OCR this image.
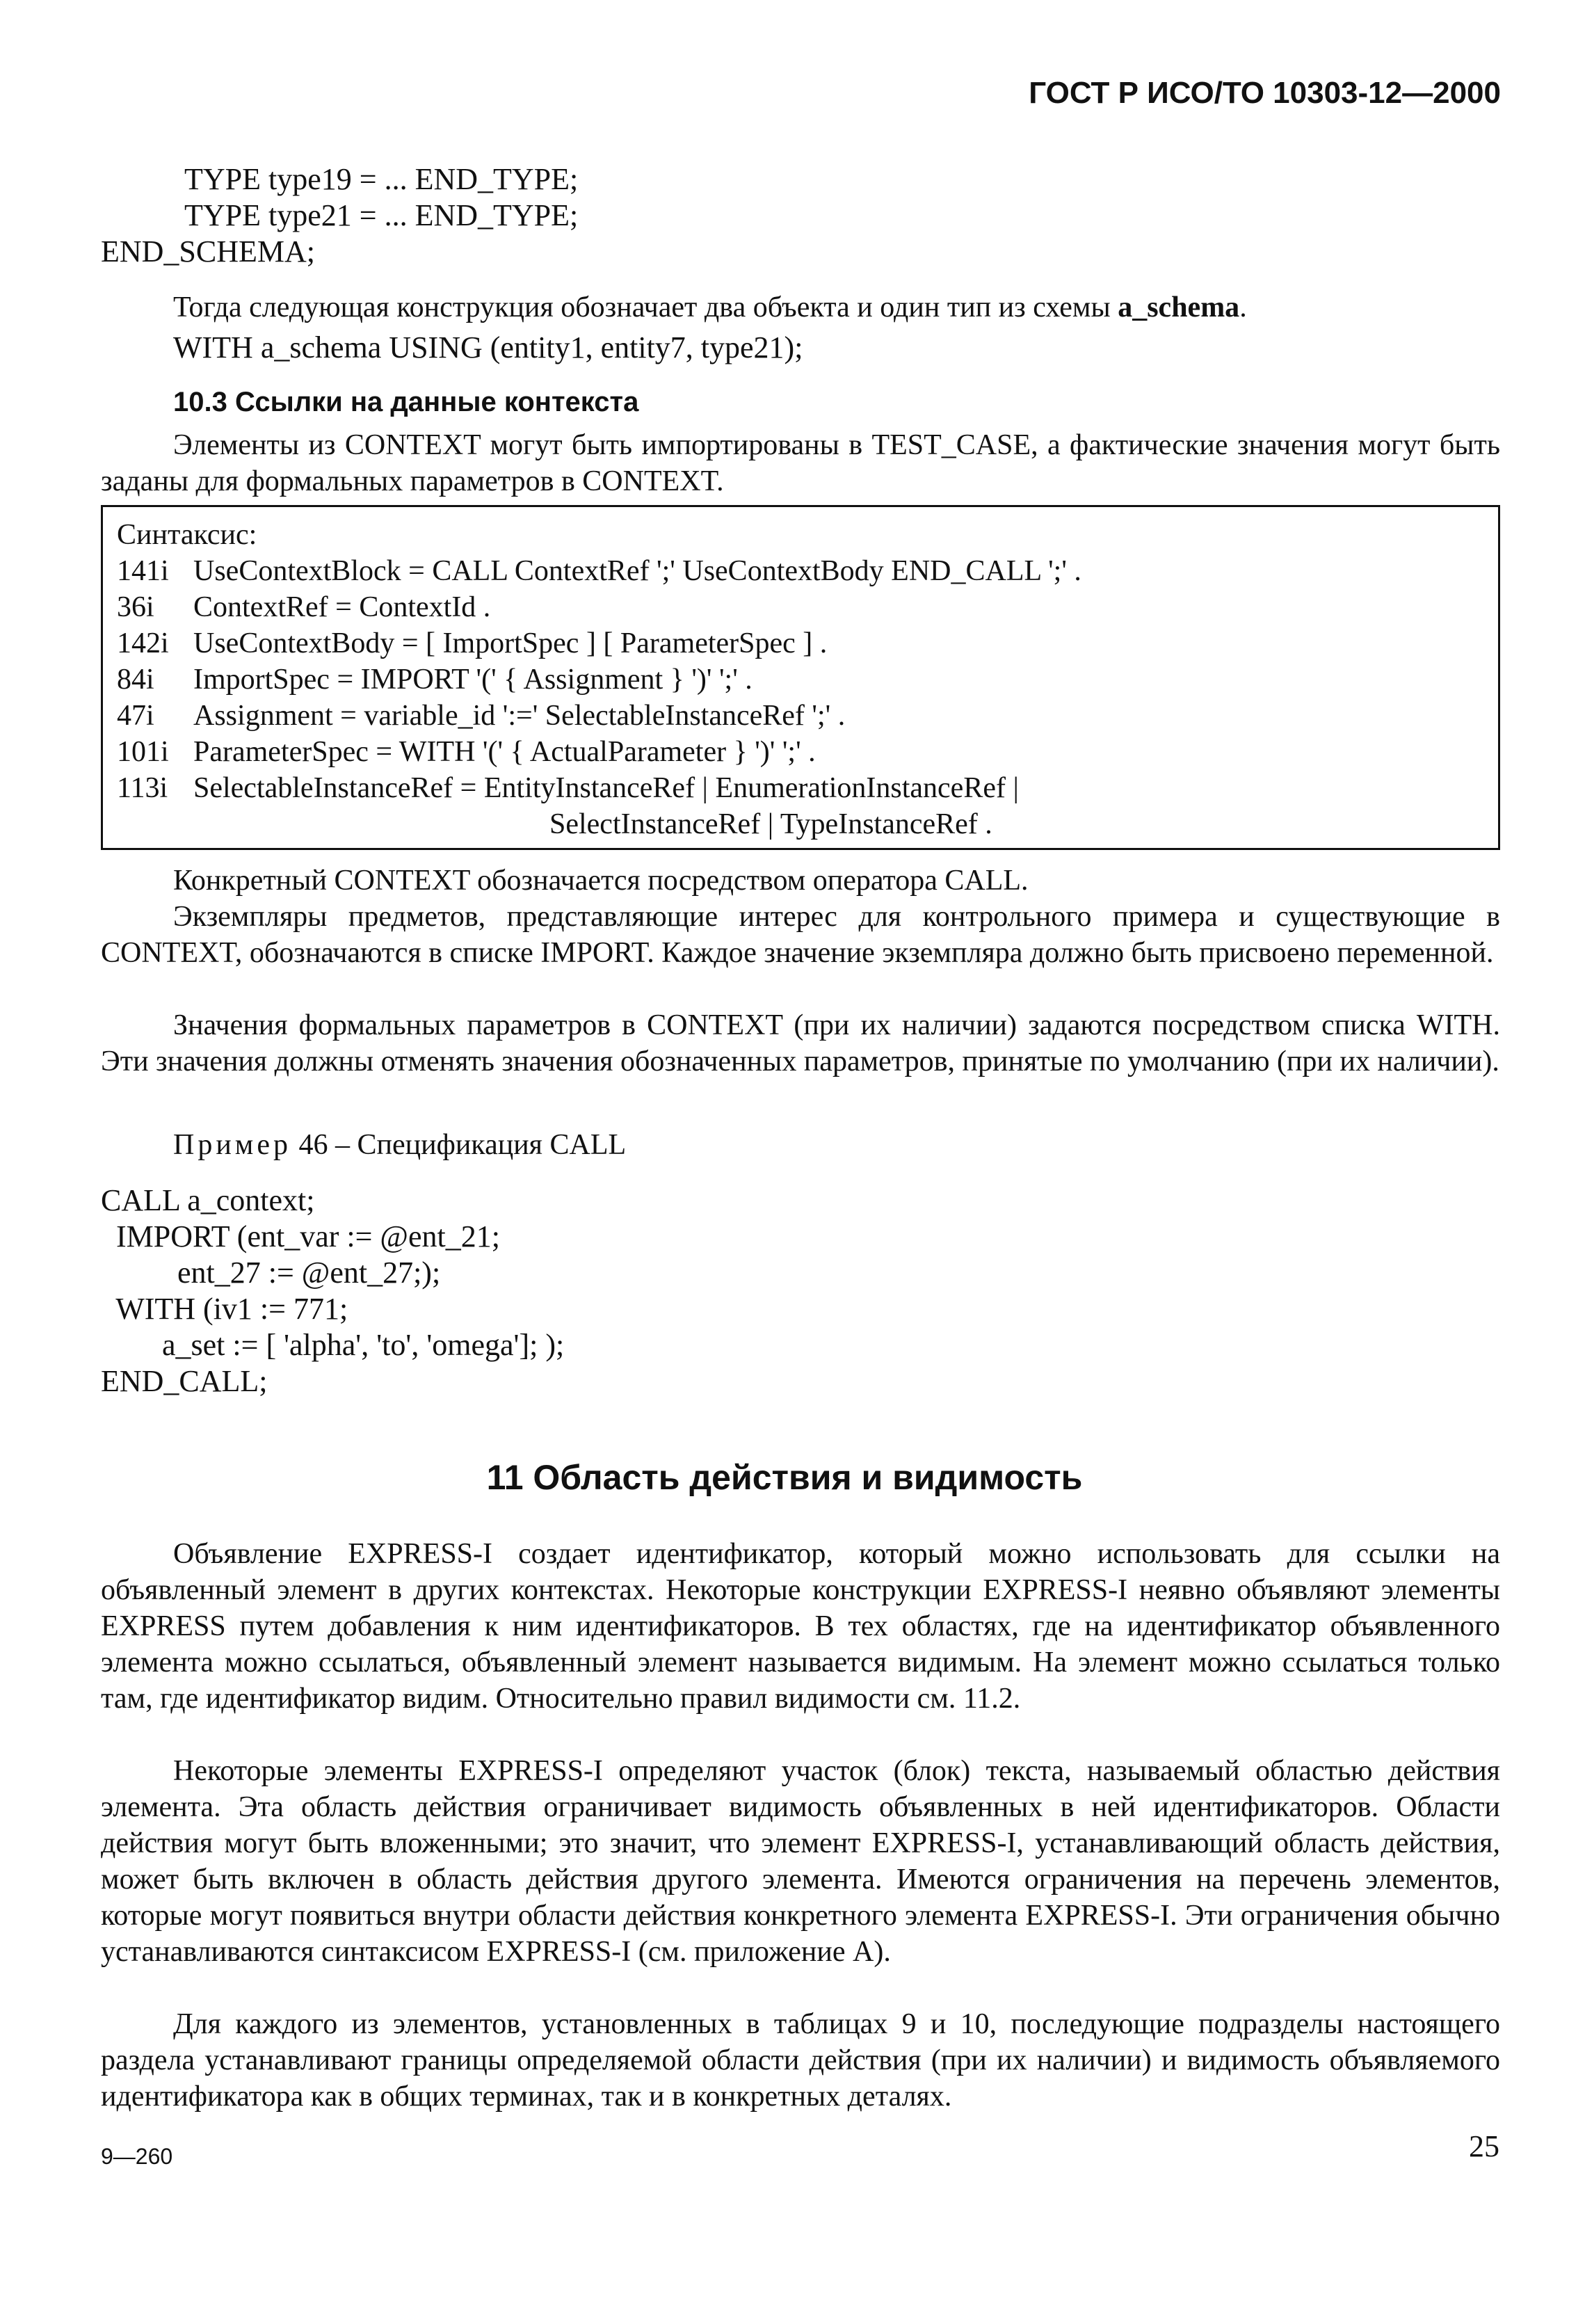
ГОСТ Р ИСО/ТО 10303-12—2000
TYPE type19 = ... END_TYPE;
TYPE type21 = ... END_TYPE;
END_SCHEMA;
Тогда следующая конструкция обозначает два объекта и один тип из схемы a_schema.
WITH a_schema USING (entity1, entity7, type21);
10.3 Ссылки на данные контекста
Элементы из CONTEXT могут быть импортированы в TEST_CASE, а фактические значения могут быть заданы для формальных параметров в CONTEXT.
Синтаксис:
141i UseContextBlock = CALL ContextRef ';' UseContextBody END_CALL ';' .
36i ContextRef = ContextId .
142i UseContextBody = [ ImportSpec ] [ ParameterSpec ] .
84i ImportSpec = IMPORT '(' { Assignment } ')' ';' .
47i Assignment = variable_id ':=' SelectableInstanceRef ';' .
101i ParameterSpec = WITH '(' { ActualParameter } ')' ';' .
113i SelectableInstanceRef = EntityInstanceRef | EnumerationInstanceRef |
SelectInstanceRef | TypeInstanceRef .
Конкретный CONTEXT обозначается посредством оператора CALL.
Экземпляры предметов, представляющие интерес для контрольного примера и существующие в CONTEXT, обозначаются в списке IMPORT. Каждое значение экземпляра должно быть присвоено переменной.
Значения формальных параметров в CONTEXT (при их наличии) задаются посредством списка WITH. Эти значения должны отменять значения обозначенных параметров, принятые по умолчанию (при их наличии).
Пример 46 – Спецификация CALL
CALL a_context;
IMPORT (ent_var := @ent_21;
ent_27 := @ent_27;);
WITH (iv1 := 771;
a_set := [ 'alpha', 'to', 'omega']; );
END_CALL;
11 Область действия и видимость
Объявление EXPRESS-I создает идентификатор, который можно использовать для ссылки на объявленный элемент в других контекстах. Некоторые конструкции EXPRESS-I неявно объявляют элементы EXPRESS путем добавления к ним идентификаторов. В тех областях, где на идентификатор объявленного элемента можно ссылаться, объявленный элемент называется видимым. На элемент можно ссылаться только там, где идентификатор видим. Относительно правил видимости см. 11.2.
Некоторые элементы EXPRESS-I определяют участок (блок) текста, называемый областью действия элемента. Эта область действия ограничивает видимость объявленных в ней идентификаторов. Области действия могут быть вложенными; это значит, что элемент EXPRESS-I, устанавливающий область действия, может быть включен в область действия другого элемента. Имеются ограничения на перечень элементов, которые могут появиться внутри области действия конкретного элемента EXPRESS-I. Эти ограничения обычно устанавливаются синтаксисом EXPRESS-I (см. приложение А).
Для каждого из элементов, установленных в таблицах 9 и 10, последующие подразделы настоящего раздела устанавливают границы определяемой области действия (при их наличии) и видимость объявляемого идентификатора как в общих терминах, так и в конкретных деталях.
9—260	25
